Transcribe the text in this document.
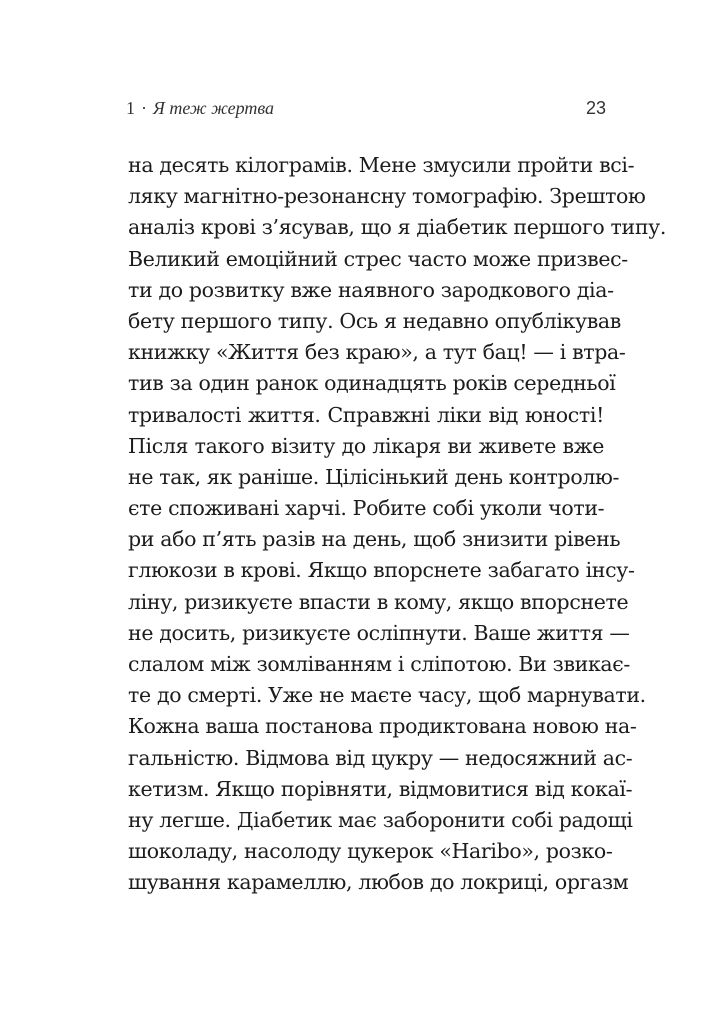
1 · Я теж жертва	23
на десять кілограмів. Мене змусили пройти всі-
ляку магнітно-резонансну томографію. Зрештою
аналіз крові з’ясував, що я діабетик першого типу.
Великий емоційний стрес часто може призвес-
ти до розвитку вже наявного зародкового діа-
бету першого типу. Ось я недавно опублікував
книжку «Життя без краю», а тут бац! — і втра-
тив за один ранок одинадцять років середньої
тривалості життя. Справжні ліки від юності!
Після такого візиту до лікаря ви живете вже
не так, як раніше. Цілісінький день контролю-
єте споживані харчі. Робите собі уколи чоти-
ри або п’ять разів на день, щоб знизити рівень
глюкози в крові. Якщо впорснете забагато інсу-
ліну, ризикуєте впасти в кому, якщо впорснете
не досить, ризикуєте осліпнути. Ваше життя —
слалом між зомліванням і сліпотою. Ви звикає-
те до смерті. Уже не маєте часу, щоб марнувати.
Кожна ваша постанова продиктована новою на-
гальністю. Відмова від цукру — недосяжний ас-
кетизм. Якщо порівняти, відмовитися від кокаї-
ну легше. Діабетик має заборонити собі радощі
шоколаду, насолоду цукерок «Haribo», розко-
шування карамеллю, любов до локриці, оргазм
